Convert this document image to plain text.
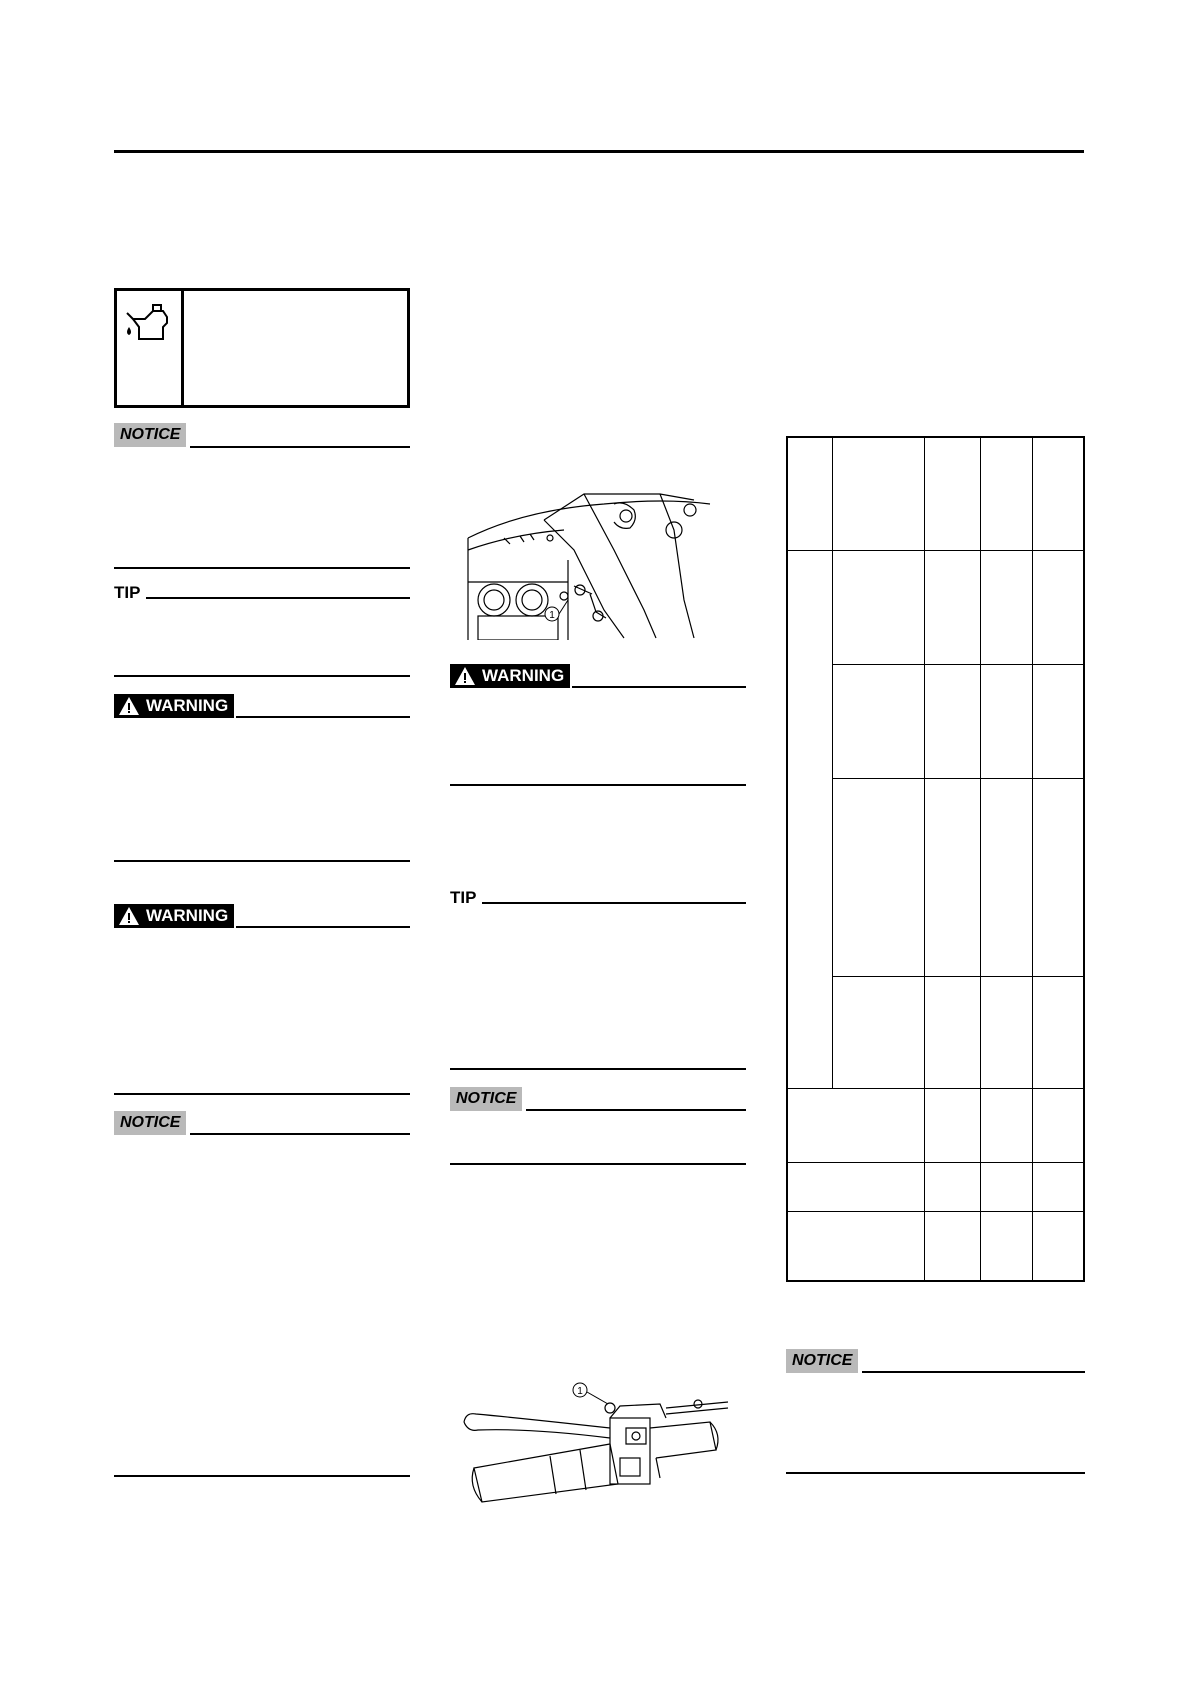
NOTICE
TIP
WARNING
WARNING
NOTICE
1
WARNING
TIP
NOTICE
1
NOTICE
